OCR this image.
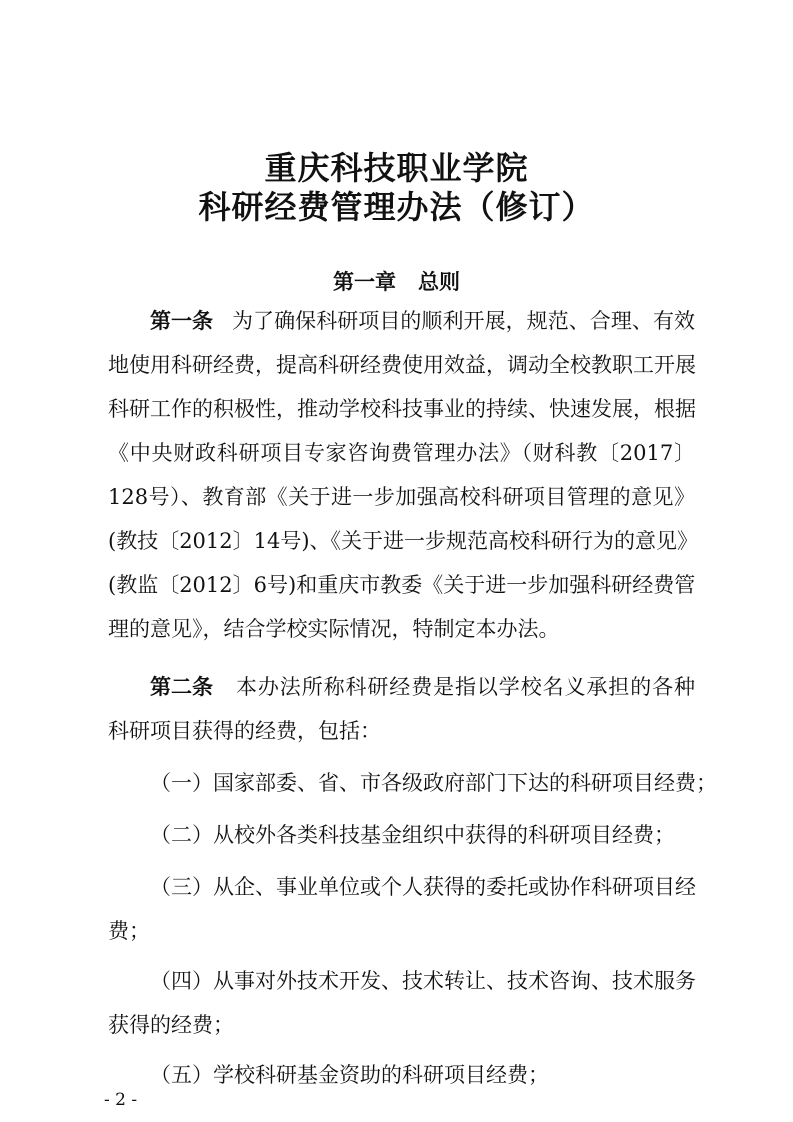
重庆科技职业学院
科研经费管理办法（修订）
第一章   总则
第一条 为了确保科研项目的顺利开展，规范、合理、有效
地使用科研经费，提高科研经费使用效益，调动全校教职工开展
科研工作的积极性，推动学校科技事业的持续、快速发展，根据
《中央财政科研项目专家咨询费管理办法》（财科教〔2017〕
128号）、教育部《关于进一步加强高校科研项目管理的意见》
(教技〔2012〕14号)、《关于进一步规范高校科研行为的意见》
(教监〔2012〕6号)和重庆市教委《关于进一步加强科研经费管
理的意见》，结合学校实际情况，特制定本办法。
第二条 本办法所称科研经费是指以学校名义承担的各种
科研项目获得的经费，包括：
（一）国家部委、省、市各级政府部门下达的科研项目经费；
（二）从校外各类科技基金组织中获得的科研项目经费；
（三）从企、事业单位或个人获得的委托或协作科研项目经
费；
（四）从事对外技术开发、技术转让、技术咨询、技术服务
获得的经费；
（五）学校科研基金资助的科研项目经费；
- 2 -
